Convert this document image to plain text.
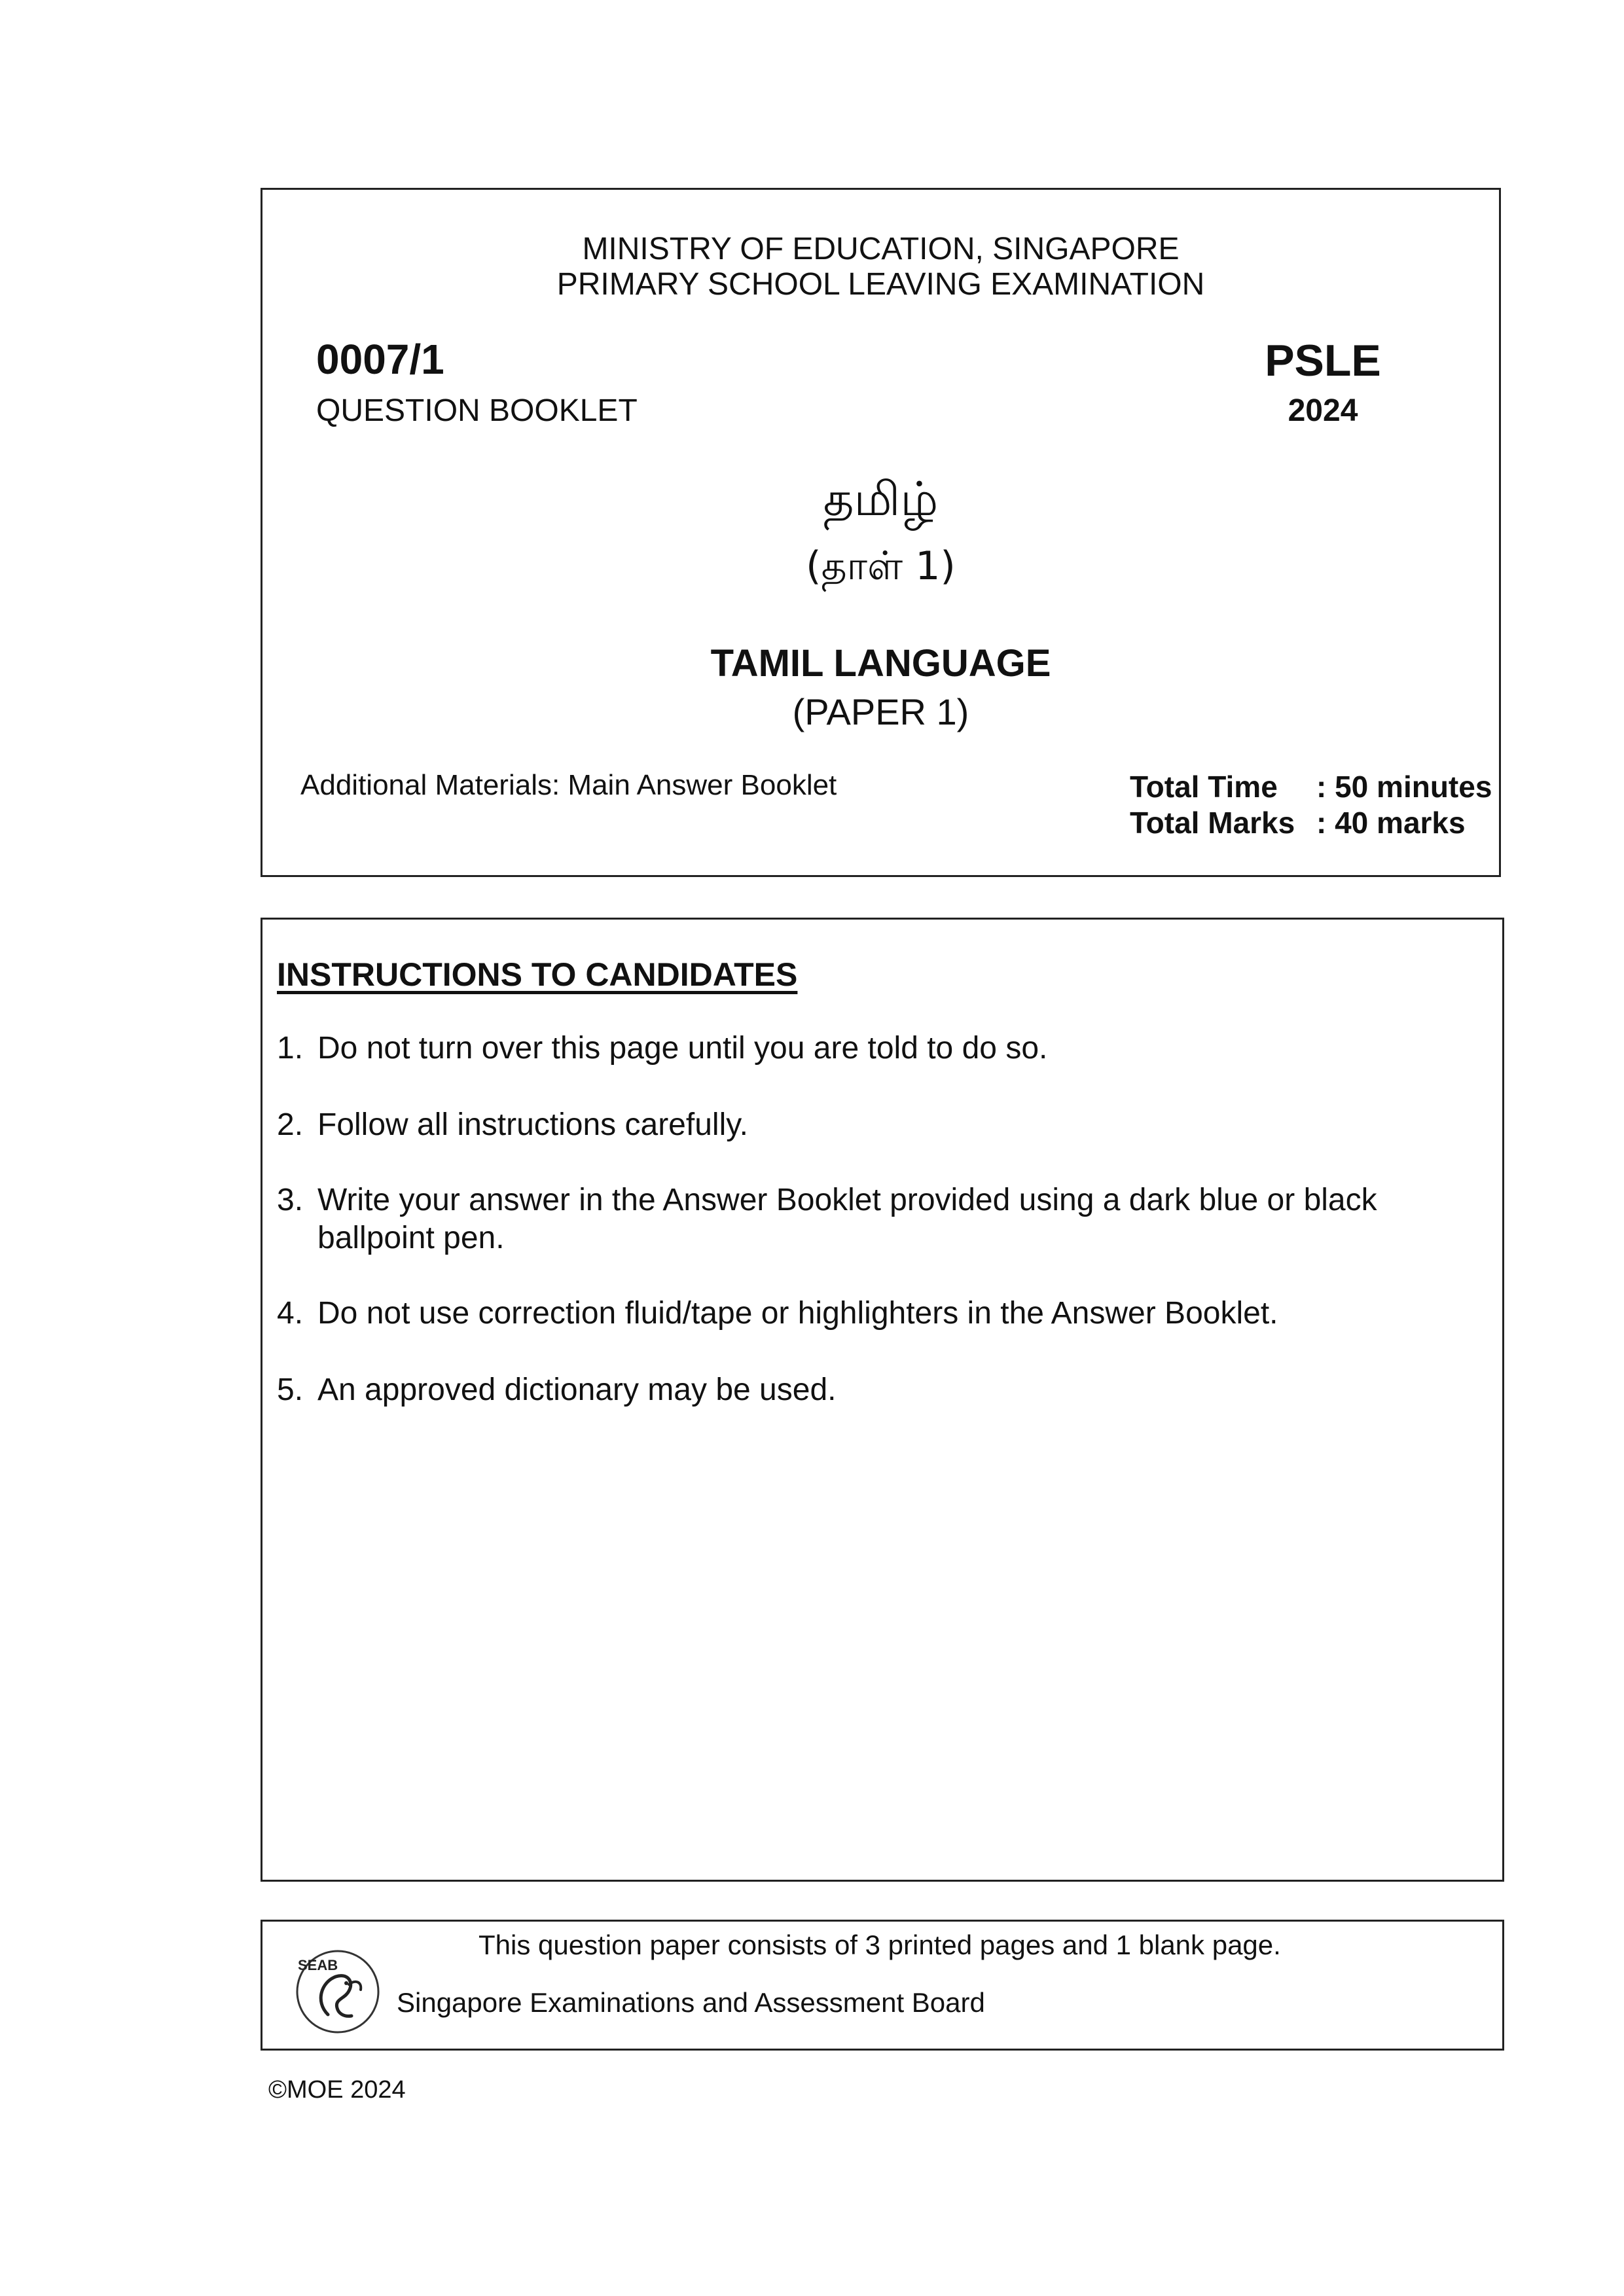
MINISTRY OF EDUCATION, SINGAPORE
PRIMARY SCHOOL LEAVING EXAMINATION
0007/1
QUESTION BOOKLET
PSLE
2024
தமிழ்
(தாள் 1)
TAMIL LANGUAGE
(PAPER 1)
Additional Materials: Main Answer Booklet	Total Time : 50 minutes
Total Marks : 40 marks
INSTRUCTIONS TO CANDIDATES
1. Do not turn over this page until you are told to do so.
2. Follow all instructions carefully.
3. Write your answer in the Answer Booklet provided using a dark blue or black ballpoint pen.
4. Do not use correction fluid/tape or highlighters in the Answer Booklet.
5. An approved dictionary may be used.
SEAB
This question paper consists of 3 printed pages and 1 blank page.
Singapore Examinations and Assessment Board
©MOE 2024
